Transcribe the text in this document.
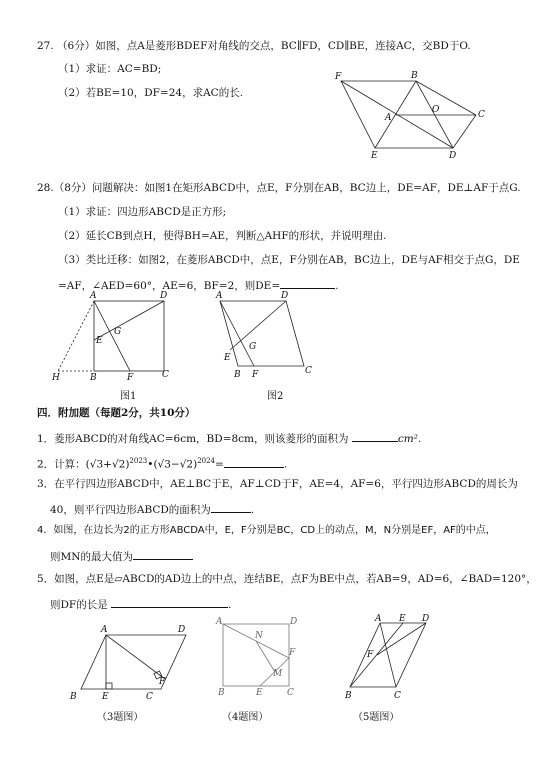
27. （6分）如图，点A是菱形BDEF对角线的交点，BC∥FD，CD∥BE，连接AC，交BD于O.
（1）求证：AC=BD;
（2）若BE=10，DF=24，求AC的长.
F	B
O	C
A
E	D
28.（8分）问题解决：如图1在矩形ABCD中，点E，F分别在AB，BC边上，DE=AF，DE⊥AF于点G.
（1）求证：四边形ABCD是正方形;
（2）延长CB到点H，使得BH=AE，判断△AHF的形状，并说明理由.
（3）类比迁移：如图2，在菱形ABCD中，点E，F分别在AB，BC边上，DE与AF相交于点G，DE
=AF，∠AED=60°，AE=6，BF=2，则DE=	.
A	D
G
E
H	B	F	C
图1
A	D
G
E
B F	C
图2
四．附加题（每题2分，共10分）
1．菱形ABCD的对角线AC=6cm，BD=8cm，则该菱形的面积为	cm².
2．计算：$(√3+√2)^{2023}•(√3-√2)^{2024}=$	.
3．在平行四边形ABCD中，AE⊥BC于E，AF⊥CD于F，AE=4，AF=6，平行四边形ABCD的周长为
40，则平行四边形ABCD的面积为	.
4．如图，在边长为2的正方形ABCDA中，E，F分别是BC，CD上的动点，M，N分别是EF，AF的中点，
则MN的最大值为
5．如图，点E是▱ABCD的AD边上的中点，连结BE，点F为BE中点，若AB=9，AD=6，∠BAD=120°，
则DF的长是	.
A	D
F
B	E	C
（3题图）
A	D
N
F
M
B	E	C
（4题图）
A E D
F
B	C
（5题图）
